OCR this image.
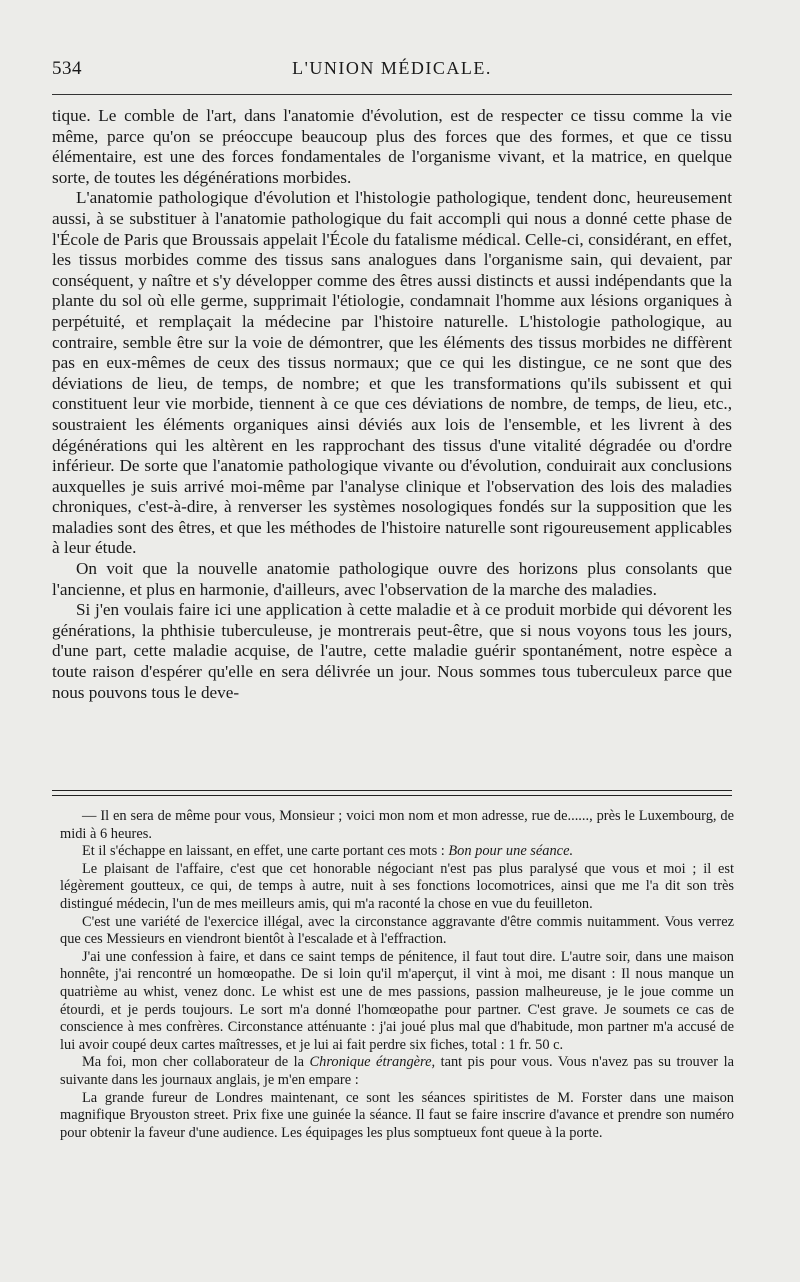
534	L'UNION MÉDICALE.

tique. Le comble de l'art, dans l'anatomie d'évolution, est de respecter ce tissu comme la vie même, parce qu'on se préoccupe beaucoup plus des forces que des formes, et que ce tissu élémentaire, est une des forces fondamentales de l'organisme vivant, et la matrice, en quelque sorte, de toutes les dégénérations morbides.

L'anatomie pathologique d'évolution et l'histologie pathologique, tendent donc, heureusement aussi, à se substituer à l'anatomie pathologique du fait accompli qui nous a donné cette phase de l'École de Paris que Broussais appelait l'École du fatalisme médical. Celle-ci, considérant, en effet, les tissus morbides comme des tissus sans analogues dans l'organisme sain, qui devaient, par conséquent, y naître et s'y développer comme des êtres aussi distincts et aussi indépendants que la plante du sol où elle germe, supprimait l'étiologie, condamnait l'homme aux lésions organiques à perpétuité, et remplaçait la médecine par l'histoire naturelle. L'histologie pathologique, au contraire, semble être sur la voie de démontrer, que les éléments des tissus morbides ne diffèrent pas en eux-mêmes de ceux des tissus normaux; que ce qui les distingue, ce ne sont que des déviations de lieu, de temps, de nombre; et que les transformations qu'ils subissent et qui constituent leur vie morbide, tiennent à ce que ces déviations de nombre, de temps, de lieu, etc., soustraient les éléments organiques ainsi déviés aux lois de l'ensemble, et les livrent à des dégénérations qui les altèrent en les rapprochant des tissus d'une vitalité dégradée ou d'ordre inférieur. De sorte que l'anatomie pathologique vivante ou d'évolution, conduirait aux conclusions auxquelles je suis arrivé moi-même par l'analyse clinique et l'observation des lois des maladies chroniques, c'est-à-dire, à renverser les systèmes nosologiques fondés sur la supposition que les maladies sont des êtres, et que les méthodes de l'histoire naturelle sont rigoureusement applicables à leur étude.

On voit que la nouvelle anatomie pathologique ouvre des horizons plus consolants que l'ancienne, et plus en harmonie, d'ailleurs, avec l'observation de la marche des maladies.

Si j'en voulais faire ici une application à cette maladie et à ce produit morbide qui dévorent les générations, la phthisie tuberculeuse, je montrerais peut-être, que si nous voyons tous les jours, d'une part, cette maladie acquise, de l'autre, cette maladie guérir spontanément, notre espèce a toute raison d'espérer qu'elle en sera délivrée un jour. Nous sommes tous tuberculeux parce que nous pouvons tous le deve-

— Il en sera de même pour vous, Monsieur ; voici mon nom et mon adresse, rue de......, près le Luxembourg, de midi à 6 heures.

Et il s'échappe en laissant, en effet, une carte portant ces mots : Bon pour une séance.

Le plaisant de l'affaire, c'est que cet honorable négociant n'est pas plus paralysé que vous et moi ; il est légèrement goutteux, ce qui, de temps à autre, nuit à ses fonctions locomotrices, ainsi que me l'a dit son très distingué médecin, l'un de mes meilleurs amis, qui m'a raconté la chose en vue du feuilleton.

C'est une variété de l'exercice illégal, avec la circonstance aggravante d'être commis nuitamment. Vous verrez que ces Messieurs en viendront bientôt à l'escalade et à l'effraction.

J'ai une confession à faire, et dans ce saint temps de pénitence, il faut tout dire. L'autre soir, dans une maison honnête, j'ai rencontré un homœopathe. De si loin qu'il m'aperçut, il vint à moi, me disant : Il nous manque un quatrième au whist, venez donc. Le whist est une de mes passions, passion malheureuse, je le joue comme un étourdi, et je perds toujours. Le sort m'a donné l'homœopathe pour partner. C'est grave. Je soumets ce cas de conscience à mes confrères. Circonstance atténuante : j'ai joué plus mal que d'habitude, mon partner m'a accusé de lui avoir coupé deux cartes maîtresses, et je lui ai fait perdre six fiches, total : 1 fr. 50 c.

Ma foi, mon cher collaborateur de la Chronique étrangère, tant pis pour vous. Vous n'avez pas su trouver la suivante dans les journaux anglais, je m'en empare :

La grande fureur de Londres maintenant, ce sont les séances spiritistes de M. Forster dans une maison magnifique Bryouston street. Prix fixe une guinée la séance. Il faut se faire inscrire d'avance et prendre son numéro pour obtenir la faveur d'une audience. Les équipages les plus somptueux font queue à la porte.
